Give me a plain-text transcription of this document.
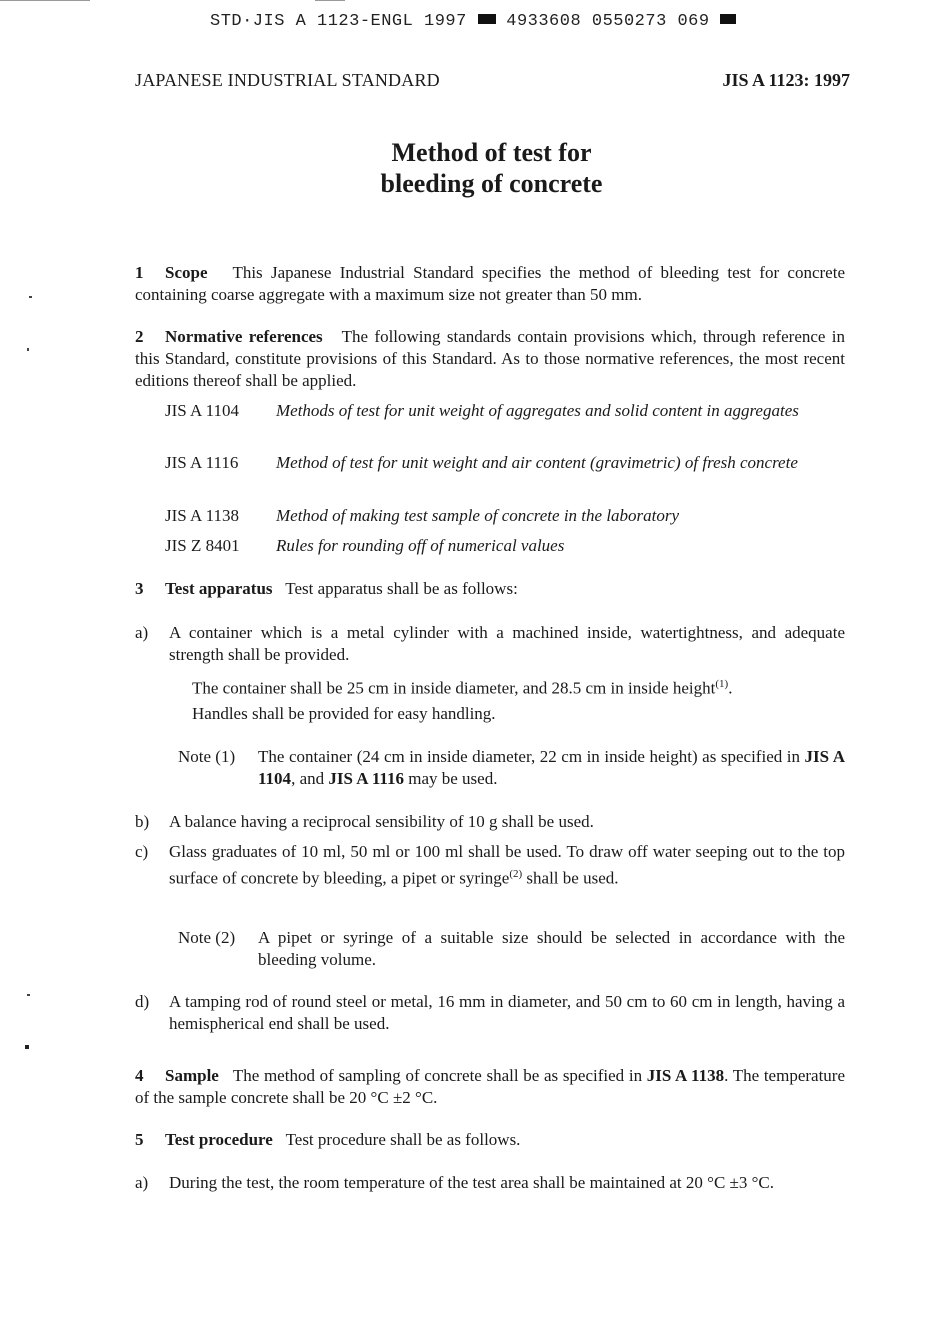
STD·JIS A 1123-ENGL 1997 4933608 0550273 069
JAPANESE INDUSTRIAL STANDARD	JIS A 1123: 1997
Method of test for
bleeding of concrete
1 Scope This Japanese Industrial Standard specifies the method of bleeding test for concrete containing coarse aggregate with a maximum size not greater than 50 mm.
2 Normative references The following standards contain provisions which, through reference in this Standard, constitute provisions of this Standard. As to those normative references, the most recent editions thereof shall be applied.
JIS A 1104 Methods of test for unit weight of aggregates and solid content in aggregates
JIS A 1116 Method of test for unit weight and air content (gravimetric) of fresh concrete
JIS A 1138 Method of making test sample of concrete in the laboratory
JIS Z 8401 Rules for rounding off of numerical values
3 Test apparatus Test apparatus shall be as follows:
a) A container which is a metal cylinder with a machined inside, watertightness, and adequate strength shall be provided.
The container shall be 25 cm in inside diameter, and 28.5 cm in inside height$^{(1)}$.
Handles shall be provided for easy handling.
Note (1) The container (24 cm in inside diameter, 22 cm in inside height) as specified in JIS A 1104, and JIS A 1116 may be used.
b) A balance having a reciprocal sensibility of 10 g shall be used.
c) Glass graduates of 10 ml, 50 ml or 100 ml shall be used. To draw off water seeping out to the top surface of concrete by bleeding, a pipet or syringe$^{(2)}$ shall be used.
Note (2) A pipet or syringe of a suitable size should be selected in accordance with the bleeding volume.
d) A tamping rod of round steel or metal, 16 mm in diameter, and 50 cm to 60 cm in length, having a hemispherical end shall be used.
4 Sample The method of sampling of concrete shall be as specified in JIS A 1138. The temperature of the sample concrete shall be 20 °C ±2 °C.
5 Test procedure Test procedure shall be as follows.
a) During the test, the room temperature of the test area shall be maintained at 20 °C ±3 °C.
